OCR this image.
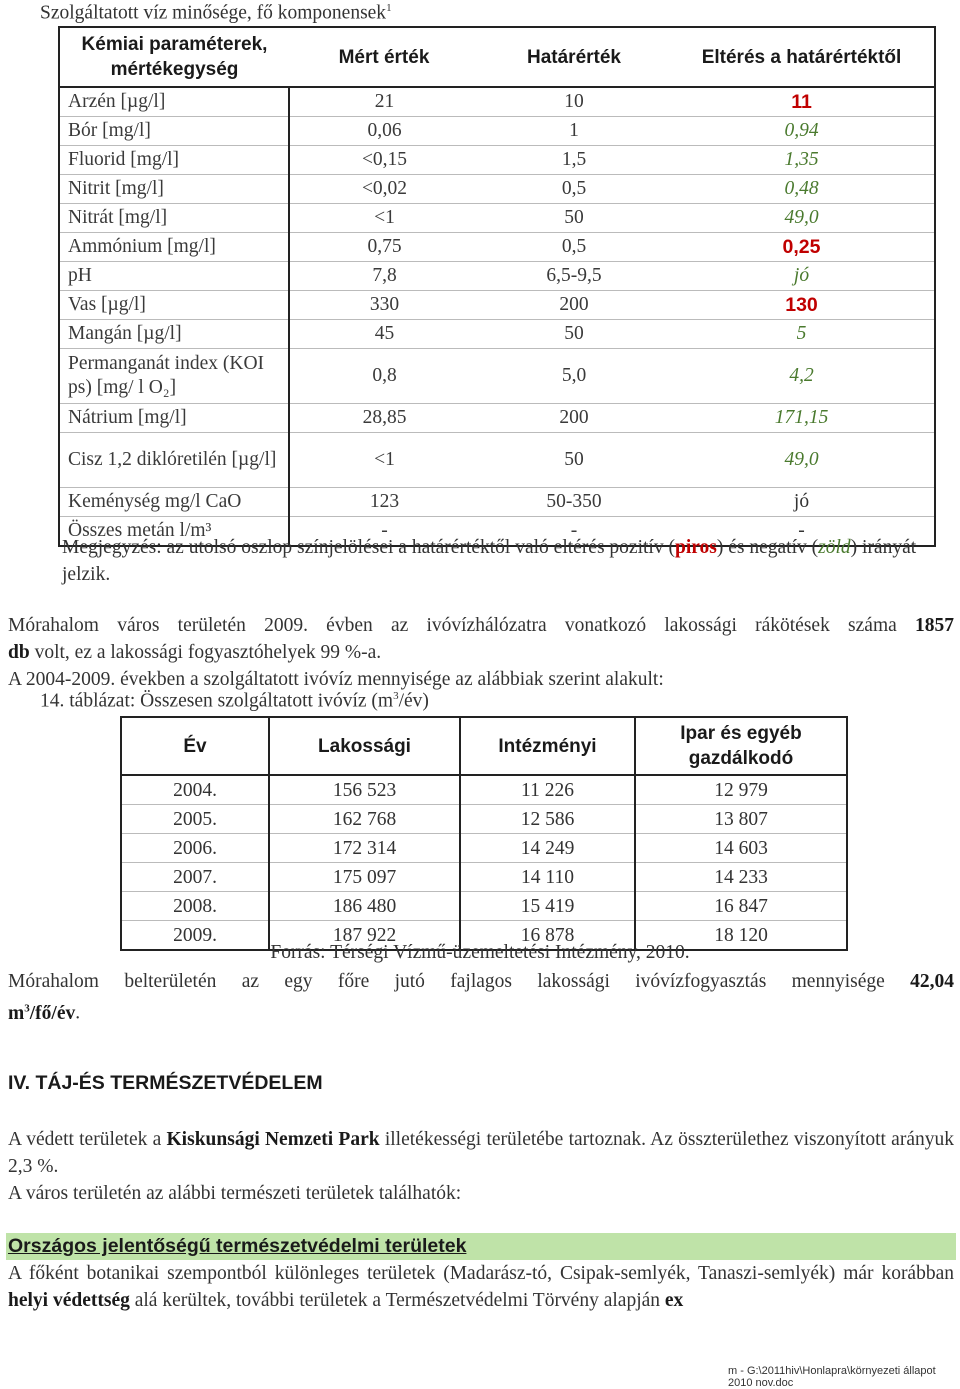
Szolgáltatott víz minősége, fő komponensek$^1$
Kémiai paraméterek, mértékegység	Mért érték	Határérték	Eltérés a határértéktől
Arzén [µg/l]	21	10	11
Bór [mg/l]	0,06	1	0,94
Fluorid [mg/l]	<0,15	1,5	1,35
Nitrit [mg/l]	<0,02	0,5	0,48
Nitrát [mg/l]	<1	50	49,0
Ammónium [mg/l]	0,75	0,5	0,25
pH	7,8	6,5-9,5	jó
Vas [µg/l]	330	200	130
Mangán [µg/l]	45	50	5
Permanganát index (KOI ps) [mg/ l O₂]	0,8	5,0	4,2
Nátrium [mg/l]	28,85	200	171,15
Cisz 1,2 diklóretilén [µg/l]	<1	50	49,0
Keménység mg/l CaO	123	50-350	jó
Összes metán l/m³	-	-	-
Megjegyzés: az utolsó oszlop színjelölései a határértéktől való eltérés pozitív (piros) és negatív (zöld) irányát jelzik.
Mórahalom város területén 2009. évben az ivóvízhálózatra vonatkozó lakossági rákötések száma 1857
db volt, ez a lakossági fogyasztóhelyek 99 %-a.
A 2004-2009. években a szolgáltatott ivóvíz mennyisége az alábbiak szerint alakult:
14. táblázat: Összesen szolgáltatott ivóvíz $(m^3/év)$
Év	Lakossági	Intézményi	Ipar és egyéb gazdálkodó
2004.	156 523	11 226	12 979
2005.	162 768	12 586	13 807
2006.	172 314	14 249	14 603
2007.	175 097	14 110	14 233
2008.	186 480	15 419	16 847
2009.	187 922	16 878	18 120
Forrás: Térségi Vízmű-üzemeltetési Intézmény, 2010.
Mórahalom belterületén az egy főre jutó fajlagos lakossági ivóvízfogyasztás mennyisége 42,04
$m^3/fő/év$.
IV. TÁJ-ÉS TERMÉSZETVÉDELEM
A védett területek a Kiskunsági Nemzeti Park illetékességi területébe tartoznak. Az összterülethez viszonyított arányuk 2,3 %.
A város területén az alábbi természeti területek találhatók:
Országos jelentőségű természetvédelmi területek
A főként botanikai szempontból különleges területek (Madarász-tó, Csipak-semlyék, Tanaszi-semlyék) már korábban helyi védettség alá kerültek, további területek a Természetvédelmi Törvény alapján ex
m - G:\2011hiv\Honlapra\környezeti állapot 2010 nov.doc
